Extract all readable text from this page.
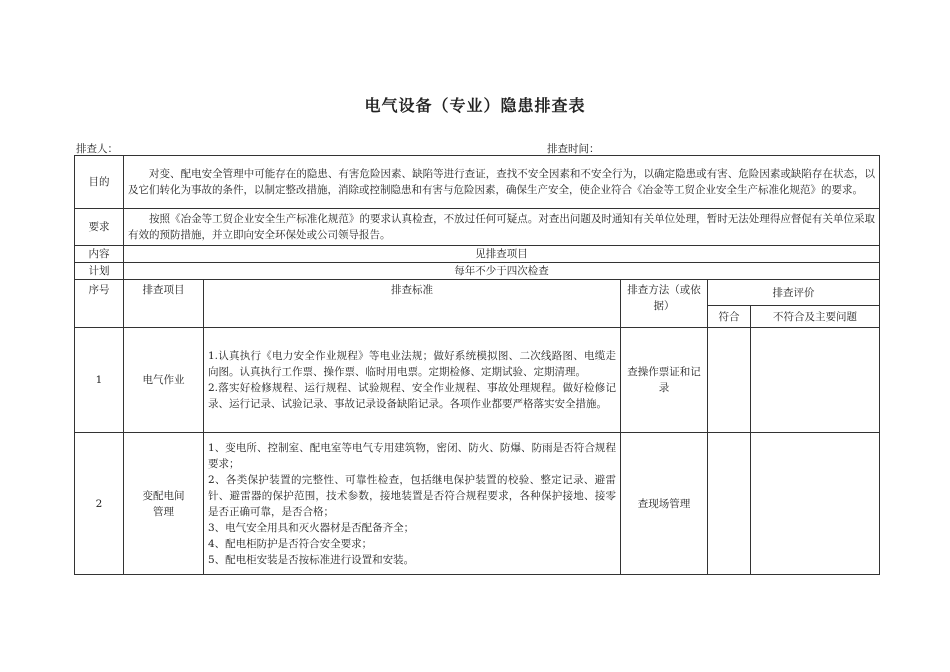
电气设备（专业）隐患排查表
排查人：	排查时间：
目的	对变、配电安全管理中可能存在的隐患、有害危险因素、缺陷等进行查证，查找不安全因素和不安全行为，以确定隐患或有害、危险因素或缺陷存在状态，以及它们转化为事故的条件，以制定整改措施，消除或控制隐患和有害与危险因素，确保生产安全，使企业符合《冶金等工贸企业安全生产标准化规范》的要求。				
要求	按照《冶金等工贸企业安全生产标准化规范》的要求认真检查，不放过任何可疑点。对查出问题及时通知有关单位处理，暂时无法处理得应督促有关单位采取有效的预防措施，并立即向安全环保处或公司领导报告。				
内容	见排查项目				
计划	每年不少于四次检查				
序号	排查项目	排查标准	排查方法（或依据）	排查评价	
				符合	不符合及主要问题
1	电气作业	1.认真执行《电力安全作业规程》等电业法规；做好系统模拟图、二次线路图、电缆走向图。认真执行工作票、操作票、临时用电票。定期检修、定期试验、定期清理。

2.落实好检修规程、运行规程、试验规程、安全作业规程、事故处理规程。做好检修记录、运行记录、试验记录、事故记录设备缺陷记录。各项作业都要严格落实安全措施。	查操作票证和记录		
2	变配电间管理	1、变电所、控制室、配电室等电气专用建筑物，密闭、防火、防爆、防雨是否符合规程要求；

2、各类保护装置的完整性、可靠性检查，包括继电保护装置的校验、整定记录、避雷针、避雷器的保护范围，技术参数，接地装置是否符合规程要求，各种保护接地、接零是否正确可靠，是否合格；

3、电气安全用具和灭火器材是否配备齐全；

4、配电柜防护是否符合安全要求；

5、配电柜安装是否按标准进行设置和安装。	查现场管理		
